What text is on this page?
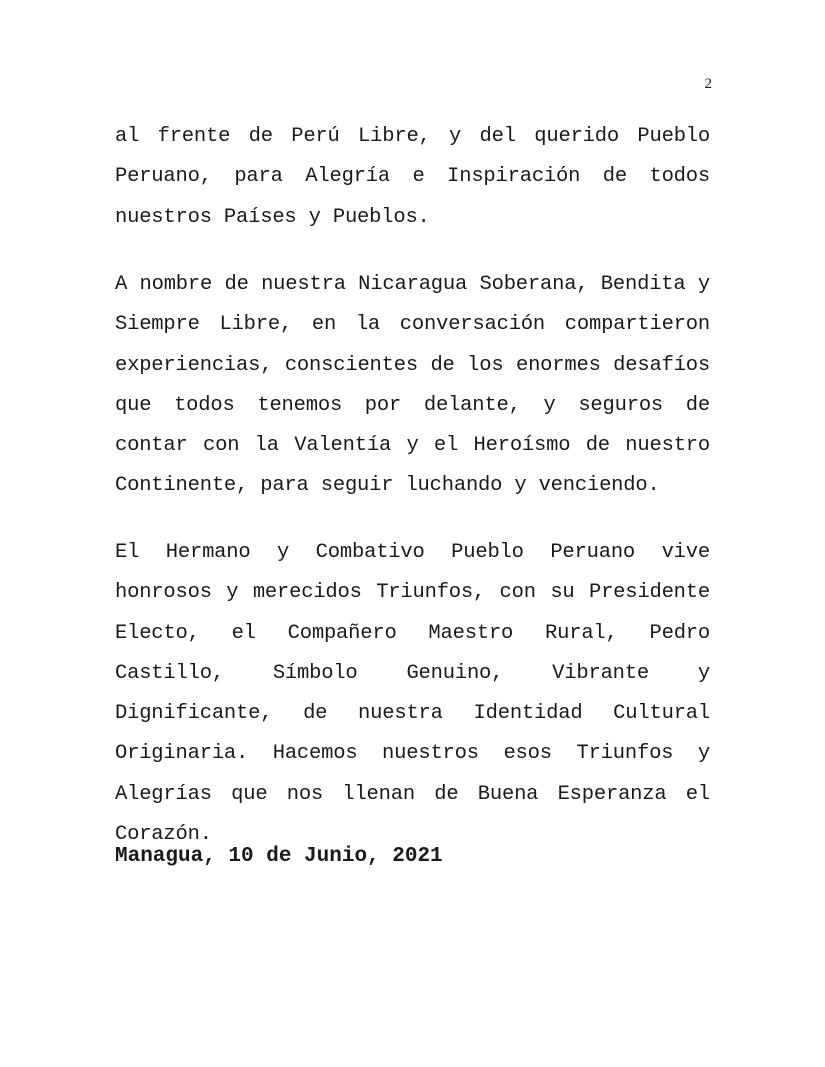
2

al frente de Perú Libre, y del querido Pueblo Peruano, para Alegría e Inspiración de todos nuestros Países y Pueblos.

A nombre de nuestra Nicaragua Soberana, Bendita y Siempre Libre, en la conversación compartieron experiencias, conscientes de los enormes desafíos que todos tenemos por delante, y seguros de contar con la Valentía y el Heroísmo de nuestro Continente, para seguir luchando y venciendo.

El Hermano y Combativo Pueblo Peruano vive honrosos y merecidos Triunfos, con su Presidente Electo, el Compañero Maestro Rural, Pedro Castillo, Símbolo Genuino, Vibrante y Dignificante, de nuestra Identidad Cultural Originaria. Hacemos nuestros esos Triunfos y Alegrías que nos llenan de Buena Esperanza el Corazón.

Managua, 10 de Junio, 2021
